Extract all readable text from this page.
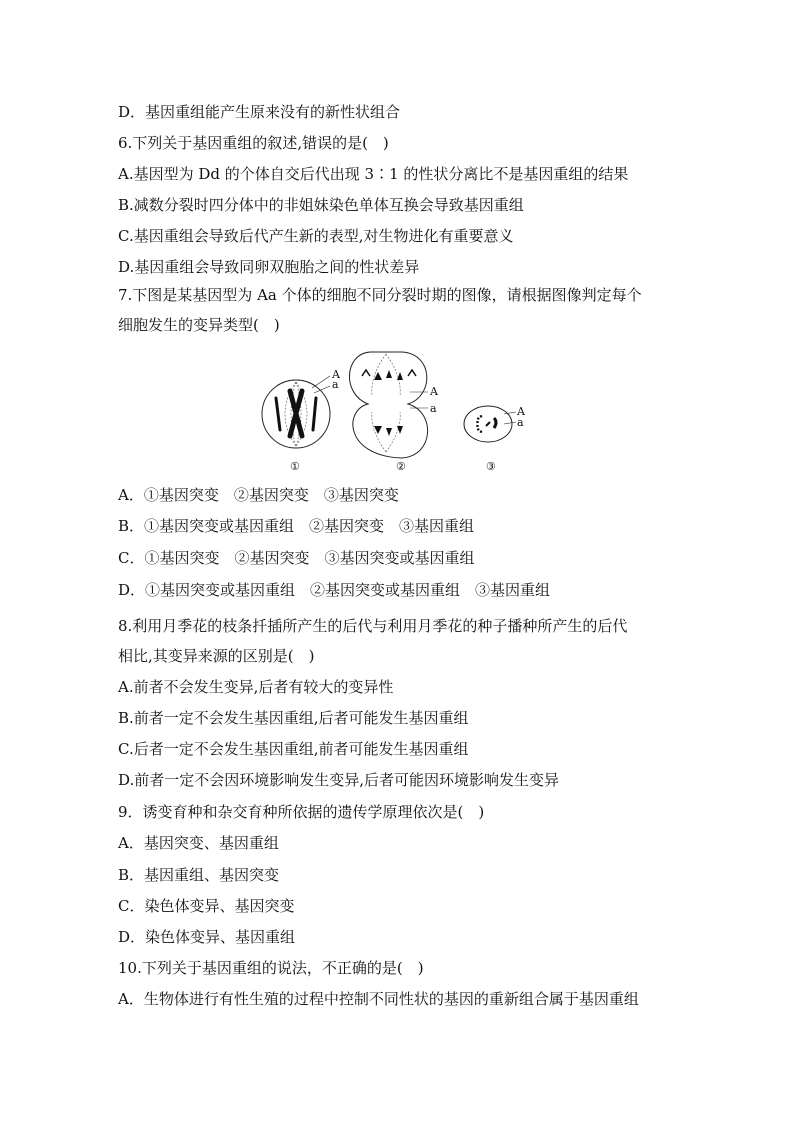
D．基因重组能产生原来没有的新性状组合
6.下列关于基因重组的叙述,错误的是(　)
A.基因型为 Dd 的个体自交后代出现 3∶1 的性状分离比不是基因重组的结果
B.减数分裂时四分体中的非姐妹染色单体互换会导致基因重组
C.基因重组会导致后代产生新的表型,对生物进化有重要意义
D.基因重组会导致同卵双胞胎之间的性状差异
7.下图是某基因型为 Aa 个体的细胞不同分裂时期的图像，请根据图像判定每个
细胞发生的变异类型(　)
A
a
①
A
a
②
A
a
③
A．①基因突变　②基因突变　③基因突变
B．①基因突变或基因重组　②基因突变　③基因重组
C．①基因突变　②基因突变　③基因突变或基因重组
D．①基因突变或基因重组　②基因突变或基因重组　③基因重组
8.利用月季花的枝条扦插所产生的后代与利用月季花的种子播种所产生的后代
相比,其变异来源的区别是(　)
A.前者不会发生变异,后者有较大的变异性
B.前者一定不会发生基因重组,后者可能发生基因重组
C.后者一定不会发生基因重组,前者可能发生基因重组
D.前者一定不会因环境影响发生变异,后者可能因环境影响发生变异
9．诱变育种和杂交育种所依据的遗传学原理依次是(　)
A．基因突变、基因重组
B．基因重组、基因突变
C．染色体变异、基因突变
D．染色体变异、基因重组
10.下列关于基因重组的说法，不正确的是(　)
A．生物体进行有性生殖的过程中控制不同性状的基因的重新组合属于基因重组
